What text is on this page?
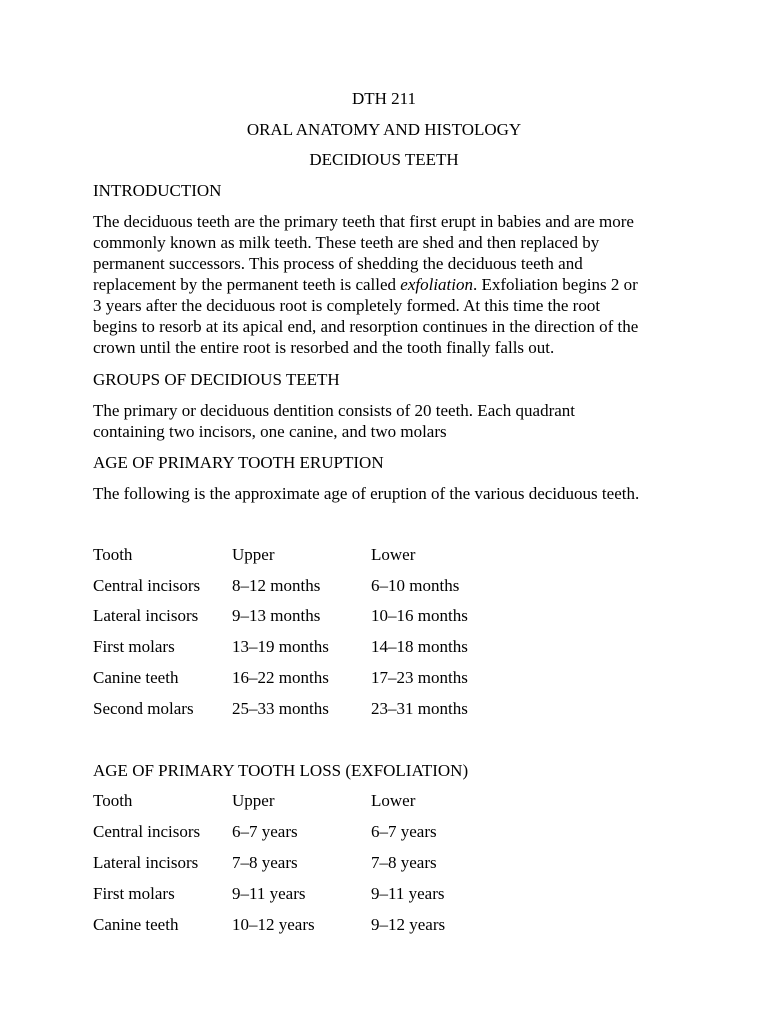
DTH 211
ORAL ANATOMY AND HISTOLOGY
DECIDIOUS TEETH
INTRODUCTION
The deciduous teeth are the primary teeth that first erupt in babies and are more
commonly known as milk teeth. These teeth are shed and then replaced by
permanent successors. This process of shedding the deciduous teeth and
replacement by the permanent teeth is called exfoliation. Exfoliation begins 2 or
3 years after the deciduous root is completely formed. At this time the root
begins to resorb at its apical end, and resorption continues in the direction of the
crown until the entire root is resorbed and the tooth finally falls out.
GROUPS OF DECIDIOUS TEETH
The primary or deciduous dentition consists of 20 teeth. Each quadrant
containing two incisors, one canine, and two molars
AGE OF PRIMARY TOOTH ERUPTION
The following is the approximate age of eruption of the various deciduous teeth.
Tooth	Upper	Lower
Central incisors 8–12 months	6–10 months
Lateral incisors 9–13 months	10–16 months
First molars	13–19 months 14–18 months
Canine teeth	16–22 months 17–23 months
Second molars 25–33 months 23–31 months
AGE OF PRIMARY TOOTH LOSS (EXFOLIATION)
Tooth	Upper	Lower
Central incisors 6–7 years	6–7 years
Lateral incisors 7–8 years	7–8 years
First molars	9–11 years	9–11 years
Canine teeth	10–12 years	9–12 years
